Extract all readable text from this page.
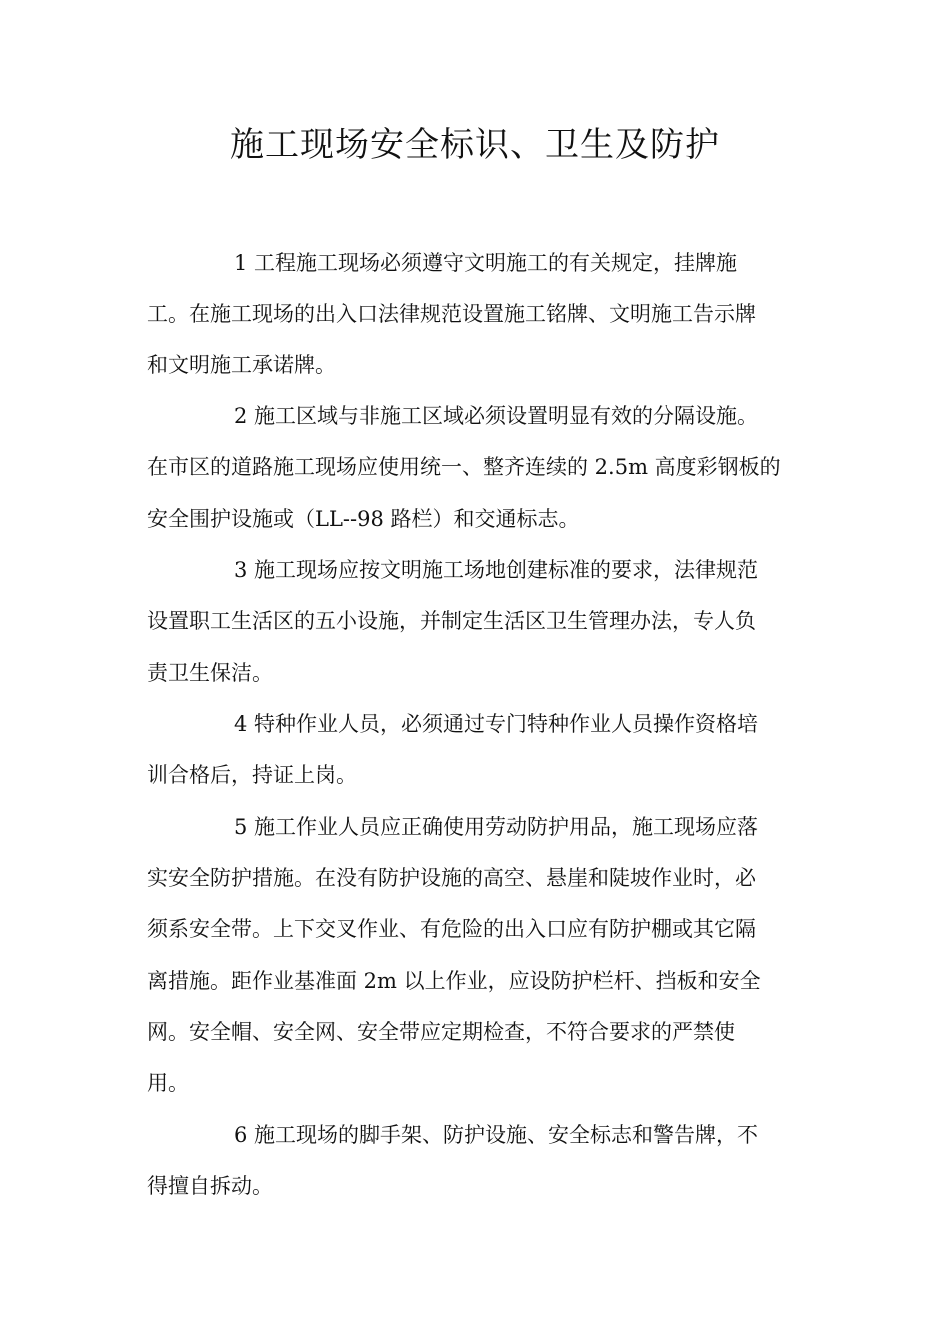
施工现场安全标识、卫生及防护

1 工程施工现场必须遵守文明施工的有关规定，挂牌施

工。在施工现场的出入口法律规范设置施工铭牌、文明施工告示牌

和文明施工承诺牌。

2 施工区域与非施工区域必须设置明显有效的分隔设施。

在市区的道路施工现场应使用统一、整齐连续的 2.5m 高度彩钢板的

安全围护设施或（LL--98 路栏）和交通标志。

3 施工现场应按文明施工场地创建标准的要求，法律规范

设置职工生活区的五小设施，并制定生活区卫生管理办法，专人负

责卫生保洁。

4 特种作业人员，必须通过专门特种作业人员操作资格培

训合格后，持证上岗。

5 施工作业人员应正确使用劳动防护用品，施工现场应落

实安全防护措施。在没有防护设施的高空、悬崖和陡坡作业时，必

须系安全带。上下交叉作业、有危险的出入口应有防护棚或其它隔

离措施。距作业基准面 2m 以上作业，应设防护栏杆、挡板和安全

网。安全帽、安全网、安全带应定期检查，不符合要求的严禁使

用。

6 施工现场的脚手架、防护设施、安全标志和警告牌，不

得擅自拆动。
